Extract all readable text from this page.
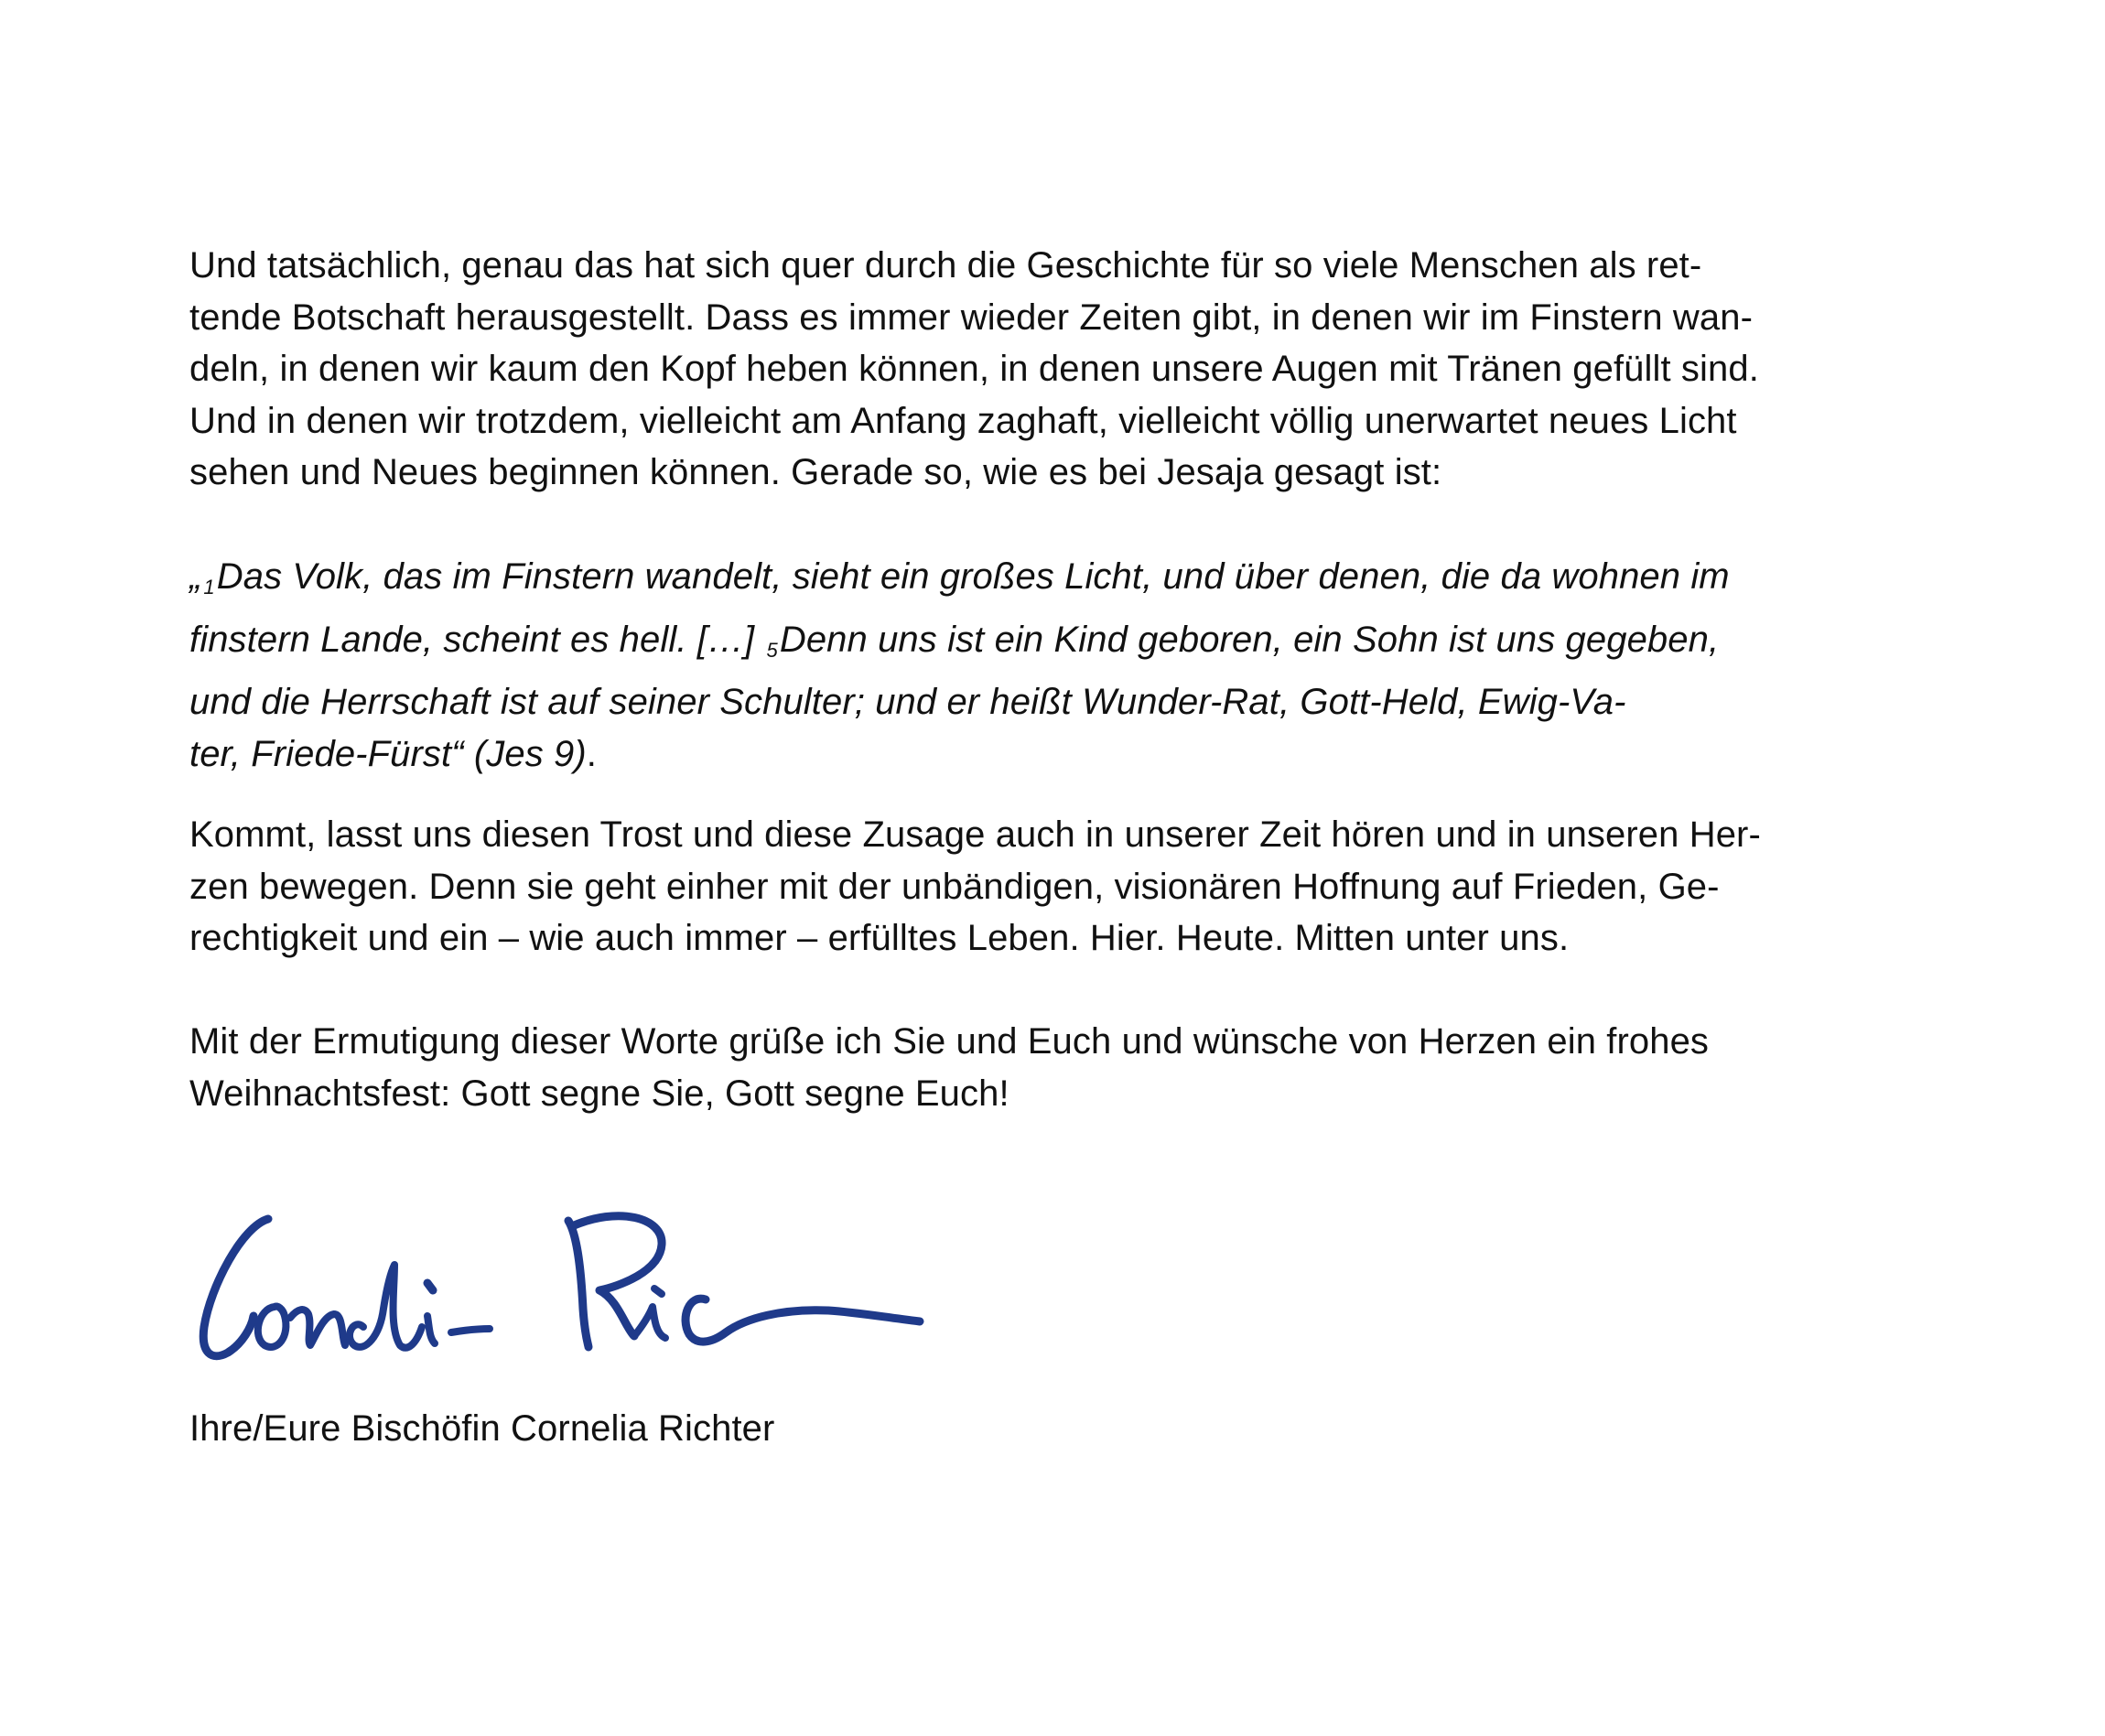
Und tatsächlich, genau das hat sich quer durch die Geschichte für so viele Menschen als ret-
tende Botschaft herausgestellt. Dass es immer wieder Zeiten gibt, in denen wir im Finstern wan-
deln, in denen wir kaum den Kopf heben können, in denen unsere Augen mit Tränen gefüllt sind.
Und in denen wir trotzdem, vielleicht am Anfang zaghaft, vielleicht völlig unerwartet neues Licht
sehen und Neues beginnen können. Gerade so, wie es bei Jesaja gesagt ist:
„1Das Volk, das im Finstern wandelt, sieht ein großes Licht, und über denen, die da wohnen im
finstern Lande, scheint es hell. […] 5Denn uns ist ein Kind geboren, ein Sohn ist uns gegeben,
und die Herrschaft ist auf seiner Schulter; und er heißt Wunder-Rat, Gott-Held, Ewig-Va-
ter, Friede-Fürst“ (Jes 9).
Kommt, lasst uns diesen Trost und diese Zusage auch in unserer Zeit hören und in unseren Her-
zen bewegen. Denn sie geht einher mit der unbändigen, visionären Hoffnung auf Frieden, Ge-
rechtigkeit und ein – wie auch immer – erfülltes Leben. Hier. Heute. Mitten unter uns.
Mit der Ermutigung dieser Worte grüße ich Sie und Euch und wünsche von Herzen ein frohes
Weihnachtsfest: Gott segne Sie, Gott segne Euch!
Ihre/Eure Bischöfin Cornelia Richter
